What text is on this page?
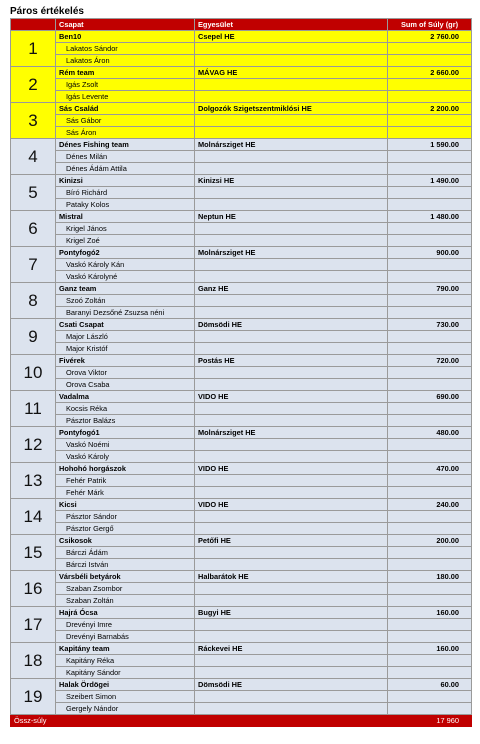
Páros értékelés
	Csapat	Egyesület	Sum of Súly (gr)
1	Ben10	Csepel HE	2 760.00
	Lakatos Sándor		
	Lakatos Áron		
2	Rém team	MÁVAG HE	2 660.00
	Igás Zsolt		
	Igás Levente		
3	Sás Család	Dolgozók Szigetszentmiklósi HE	2 200.00
	Sás Gábor		
	Sás Áron		
4	Dénes Fishing team	Molnársziget HE	1 590.00
	Dénes Milán		
	Dénes Ádám Attila		
5	Kinizsi	Kinizsi HE	1 490.00
	Bíró Richárd		
	Pataky Kolos		
6	Mistral	Neptun HE	1 480.00
	Krigel János		
	Krigel Zoé		
7	Pontyfogó2	Molnársziget HE	900.00
	Vaskó Károly Kán		
	Vaskó Károlyné		
8	Ganz team	Ganz HE	790.00
	Szoó Zoltán		
	Baranyi Dezsőné Zsuzsa néni		
9	Csati Csapat	Dömsödi HE	730.00
	Major László		
	Major Kristóf		
10	Fivérek	Postás HE	720.00
	Orova Viktor		
	Orova Csaba		
11	Vadalma	VIDO HE	690.00
	Kocsis Réka		
	Pásztor Balázs		
12	Pontyfogó1	Molnársziget HE	480.00
	Vaskó Noémi		
	Vaskó Károly		
13	Hohohó horgászok	VIDO HE	470.00
	Fehér Patrik		
	Fehér Márk		
14	Kicsi	VIDO HE	240.00
	Pásztor Sándor		
	Pásztor Gergő		
15	Csikosok	Petőfi HE	200.00
	Bárczi Ádám		
	Bárczi István		
16	Vársbéli betyárok	Halbarátok HE	180.00
	Szaban Zsombor		
	Szaban Zoltán		
17	Hajrá Ócsa	Bugyi HE	160.00
	Drevényi Imre		
	Drevényi Barnabás		
18	Kapitány team	Ráckevei HE	160.00
	Kapitány Réka		
	Kapitány Sándor		
19	Halak Ördögei	Dömsödi HE	60.00
	Szeibert Simon		
	Gergely Nándor		
Össz-súly			17 960
